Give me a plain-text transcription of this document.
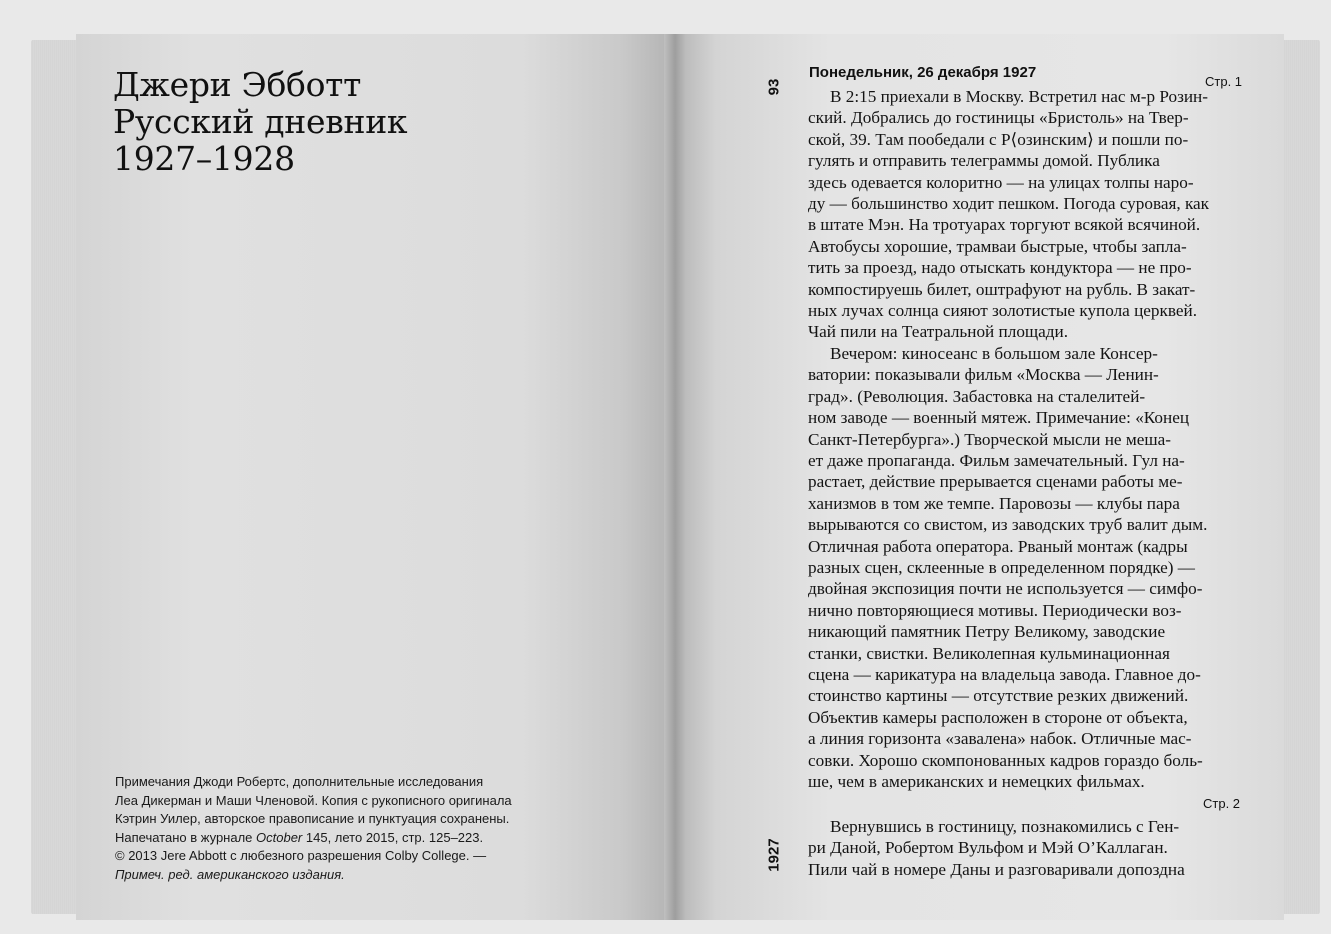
Джери Эбботт
Русский дневник
1927–1928
Примечания Джоди Робертс, дополнительные исследования
Леа Дикерман и Маши Членовой. Копия с рукописного оригинала
Кэтрин Уилер, авторское правописание и пунктуация сохранены.
Напечатано в журнале October 145, лето 2015, стр. 125–223.
© 2013 Jere Abbott с любезного разрешения Colby College. —
Примеч. ред. американского издания.
93
1927
Понедельник, 26 декабря 1927
Стр. 1
Стр. 2
В 2:15 приехали в Москву. Встретил нас м-р Розин-
ский. Добрались до гостиницы «Бристоль» на Твер-
ской, 39. Там пообедали с Р⟨озинским⟩ и пошли по-
гулять и отправить телеграммы домой. Публика
здесь одевается колоритно — на улицах толпы наро-
ду — большинство ходит пешком. Погода суровая, как
в штате Мэн. На тротуарах торгуют всякой всячиной.
Автобусы хорошие, трамваи быстрые, чтобы запла-
тить за проезд, надо отыскать кондуктора — не про-
компостируешь билет, оштрафуют на рубль. В закат-
ных лучах солнца сияют золотистые купола церквей.
Чай пили на Театральной площади.
Вечером: киносеанс в большом зале Консер-
ватории: показывали фильм «Москва — Ленин-
град». (Революция. Забастовка на сталелитей-
ном заводе — военный мятеж. Примечание: «Конец
Санкт-Петербурга».) Творческой мысли не меша-
ет даже пропаганда. Фильм замечательный. Гул на-
растает, действие прерывается сценами работы ме-
ханизмов в том же темпе. Паровозы — клубы пара
вырываются со свистом, из заводских труб валит дым.
Отличная работа оператора. Рваный монтаж (кадры
разных сцен, склеенные в определенном порядке) —
двойная экспозиция почти не используется — симфо-
нично повторяющиеся мотивы. Периодически воз-
никающий памятник Петру Великому, заводские
станки, свистки. Великолепная кульминационная
сцена — карикатура на владельца завода. Главное до-
стоинство картины — отсутствие резких движений.
Объектив камеры расположен в стороне от объекта,
а линия горизонта «завалена» набок. Отличные мас-
совки. Хорошо скомпонованных кадров гораздо боль-
ше, чем в американских и немецких фильмах.
Вернувшись в гостиницу, познакомились с Ген-
ри Даной, Робертом Вульфом и Мэй О’Каллаган.
Пили чай в номере Даны и разговаривали допоздна
